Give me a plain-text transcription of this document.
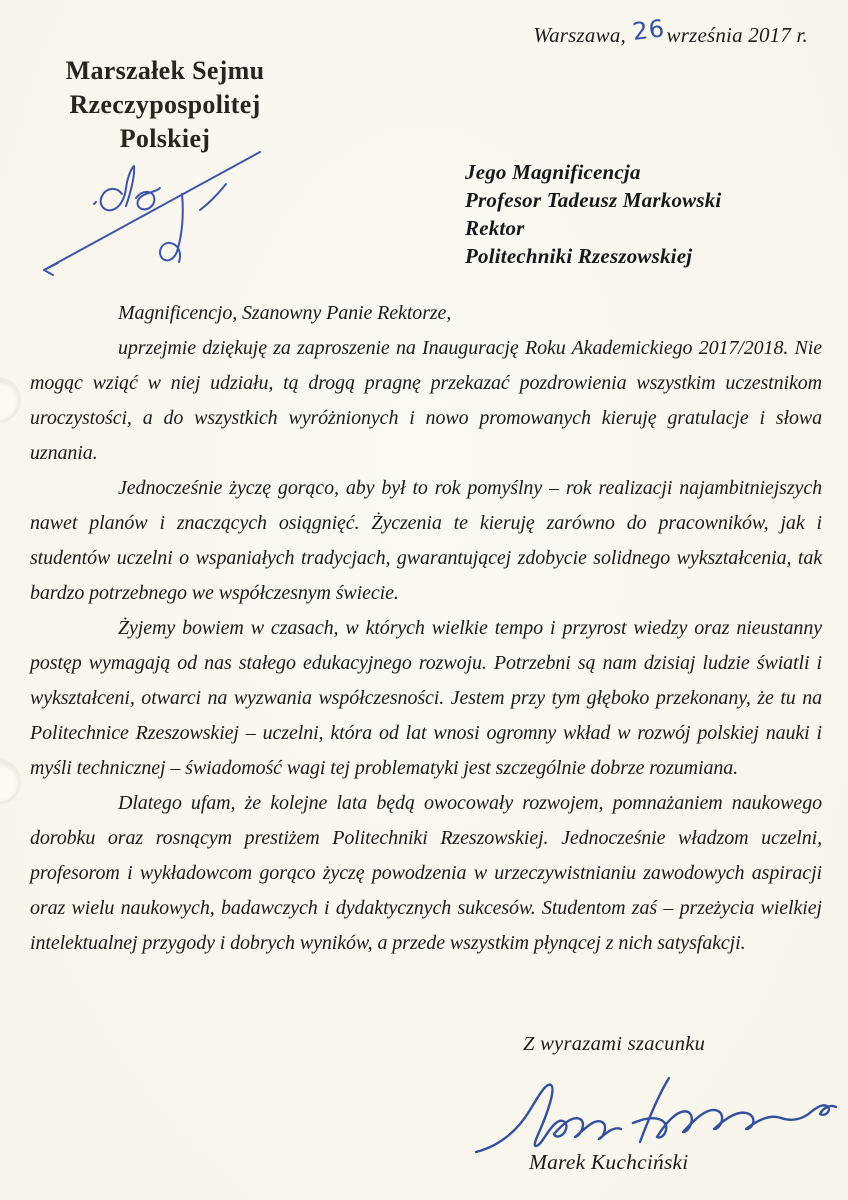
Warszawa, 26 września 2017 r.
Marszałek Sejmu
Rzeczypospolitej Polskiej
Jego Magnificencja
Profesor Tadeusz Markowski
Rektor
Politechniki Rzeszowskiej

Magnificencjo, Szanowny Panie Rektorze,

uprzejmie dziękuję za zaproszenie na Inaugurację Roku Akademickiego 2017/2018. Nie mogąc wziąć w niej udziału, tą drogą pragnę przekazać pozdrowienia wszystkim uczestnikom uroczystości, a do wszystkich wyróżnionych i nowo promowanych kieruję gratulacje i słowa uznania.

Jednocześnie życzę gorąco, aby był to rok pomyślny – rok realizacji najambitniejszych nawet planów i znaczących osiągnięć. Życzenia te kieruję zarówno do pracowników, jak i studentów uczelni o wspaniałych tradycjach, gwarantującej zdobycie solidnego wykształcenia, tak bardzo potrzebnego we współczesnym świecie.

Żyjemy bowiem w czasach, w których wielkie tempo i przyrost wiedzy oraz nieustanny postęp wymagają od nas stałego edukacyjnego rozwoju. Potrzebni są nam dzisiaj ludzie światli i wykształceni, otwarci na wyzwania współczesności. Jestem przy tym głęboko przekonany, że tu na Politechnice Rzeszowskiej – uczelni, która od lat wnosi ogromny wkład w rozwój polskiej nauki i myśli technicznej – świadomość wagi tej problematyki jest szczególnie dobrze rozumiana.

Dlatego ufam, że kolejne lata będą owocowały rozwojem, pomnażaniem naukowego dorobku oraz rosnącym prestiżem Politechniki Rzeszowskiej. Jednocześnie władzom uczelni, profesorom i wykładowcom gorąco życzę powodzenia w urzeczywistnianiu zawodowych aspiracji oraz wielu naukowych, badawczych i dydaktycznych sukcesów. Studentom zaś – przeżycia wielkiej intelektualnej przygody i dobrych wyników, a przede wszystkim płynącej z nich satysfakcji.

Z wyrazami szacunku
Marek Kuchciński
